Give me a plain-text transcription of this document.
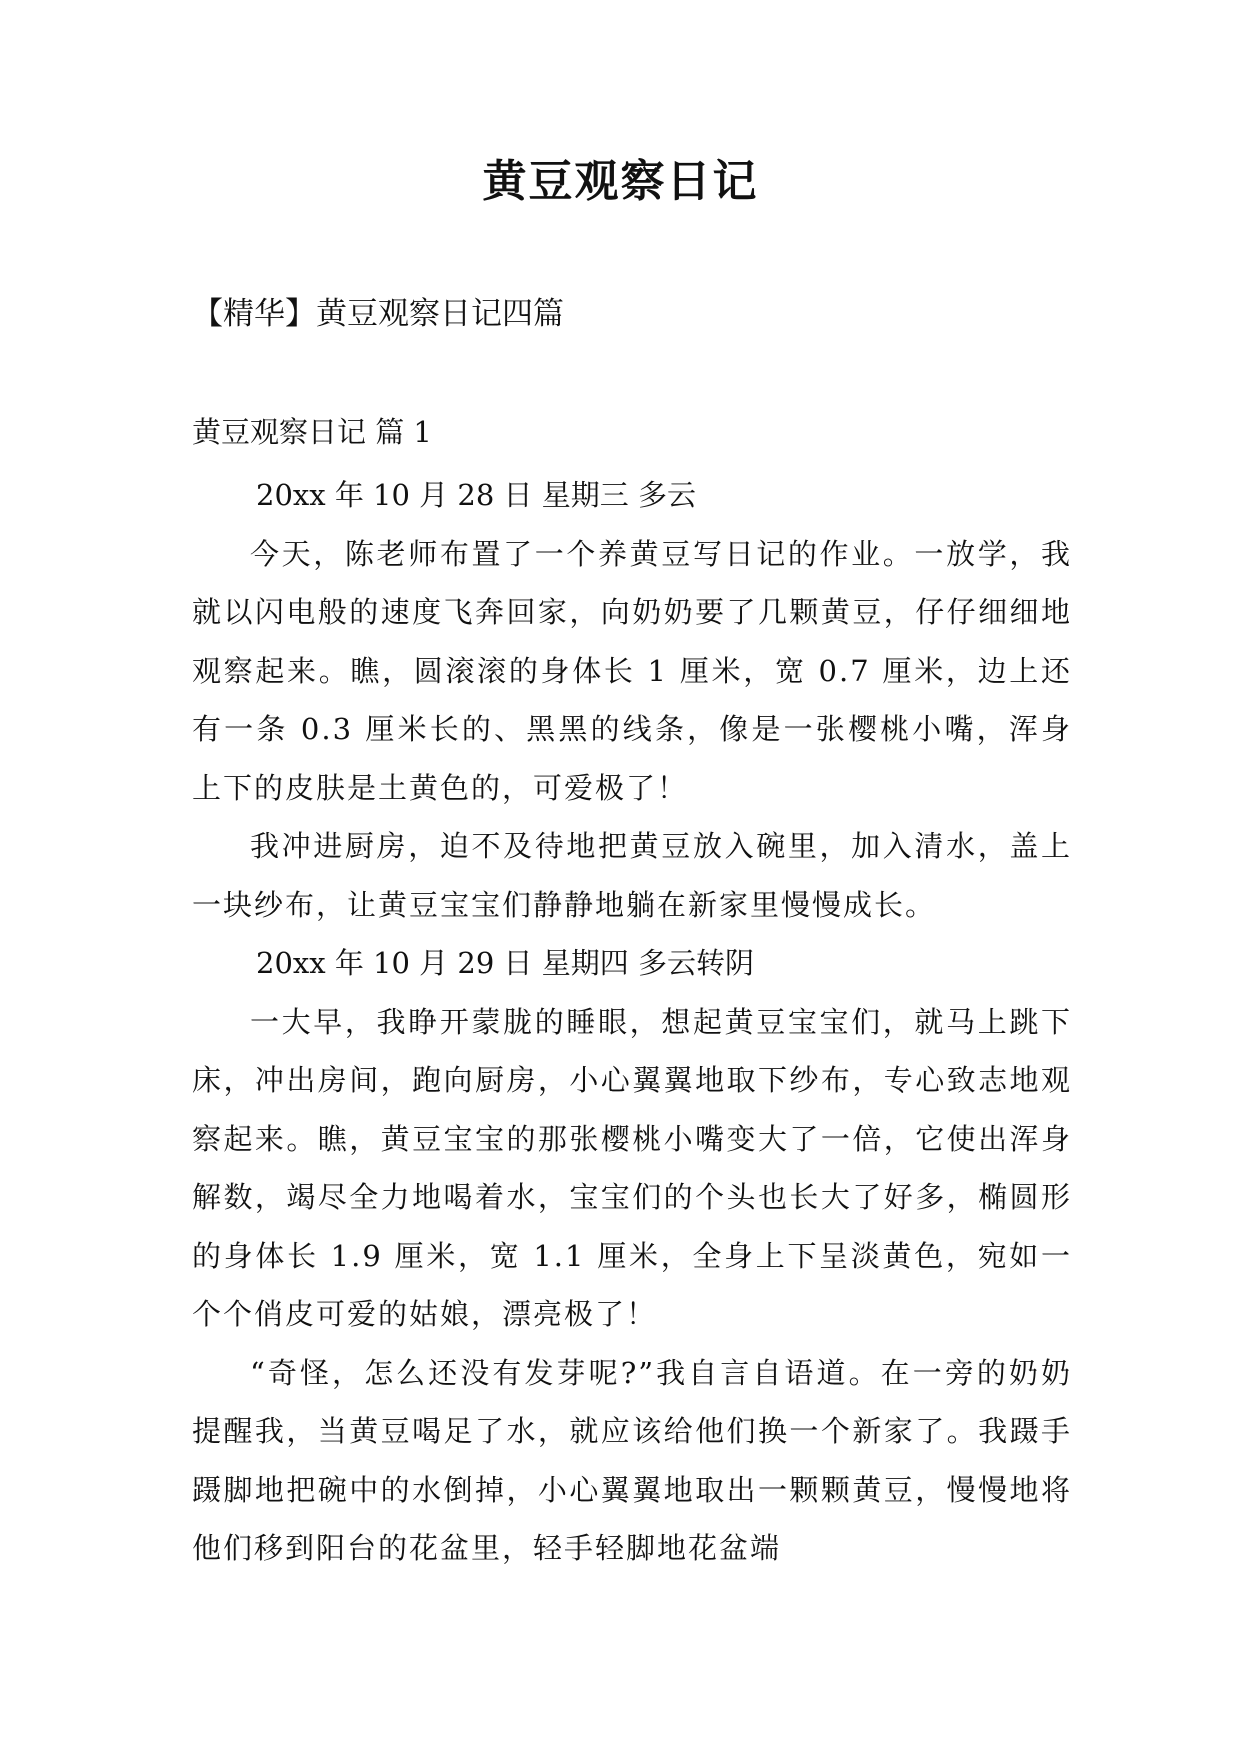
黄豆观察日记
【精华】黄豆观察日记四篇
黄豆观察日记 篇 1
20xx 年 10 月 28 日 星期三 多云

今天，陈老师布置了一个养黄豆写日记的作业。一放学，我就以闪电般的速度飞奔回家，向奶奶要了几颗黄豆，仔仔细细地观察起来。瞧，圆滚滚的身体长 1 厘米，宽 0.7 厘米，边上还有一条 0.3 厘米长的、黑黑的线条，像是一张樱桃小嘴，浑身上下的皮肤是土黄色的，可爱极了！

我冲进厨房，迫不及待地把黄豆放入碗里，加入清水，盖上一块纱布，让黄豆宝宝们静静地躺在新家里慢慢成长。

20xx 年 10 月 29 日 星期四 多云转阴

一大早，我睁开蒙胧的睡眼，想起黄豆宝宝们，就马上跳下床，冲出房间，跑向厨房，小心翼翼地取下纱布，专心致志地观察起来。瞧，黄豆宝宝的那张樱桃小嘴变大了一倍，它使出浑身解数，竭尽全力地喝着水，宝宝们的个头也长大了好多，椭圆形的身体长 1.9 厘米，宽 1.1 厘米，全身上下呈淡黄色，宛如一个个俏皮可爱的姑娘，漂亮极了！

“奇怪，怎么还没有发芽呢?”我自言自语道。在一旁的奶奶提醒我，当黄豆喝足了水，就应该给他们换一个新家了。我蹑手蹑脚地把碗中的水倒掉，小心翼翼地取出一颗颗黄豆，慢慢地将他们移到阳台的花盆里，轻手轻脚地花盆端
